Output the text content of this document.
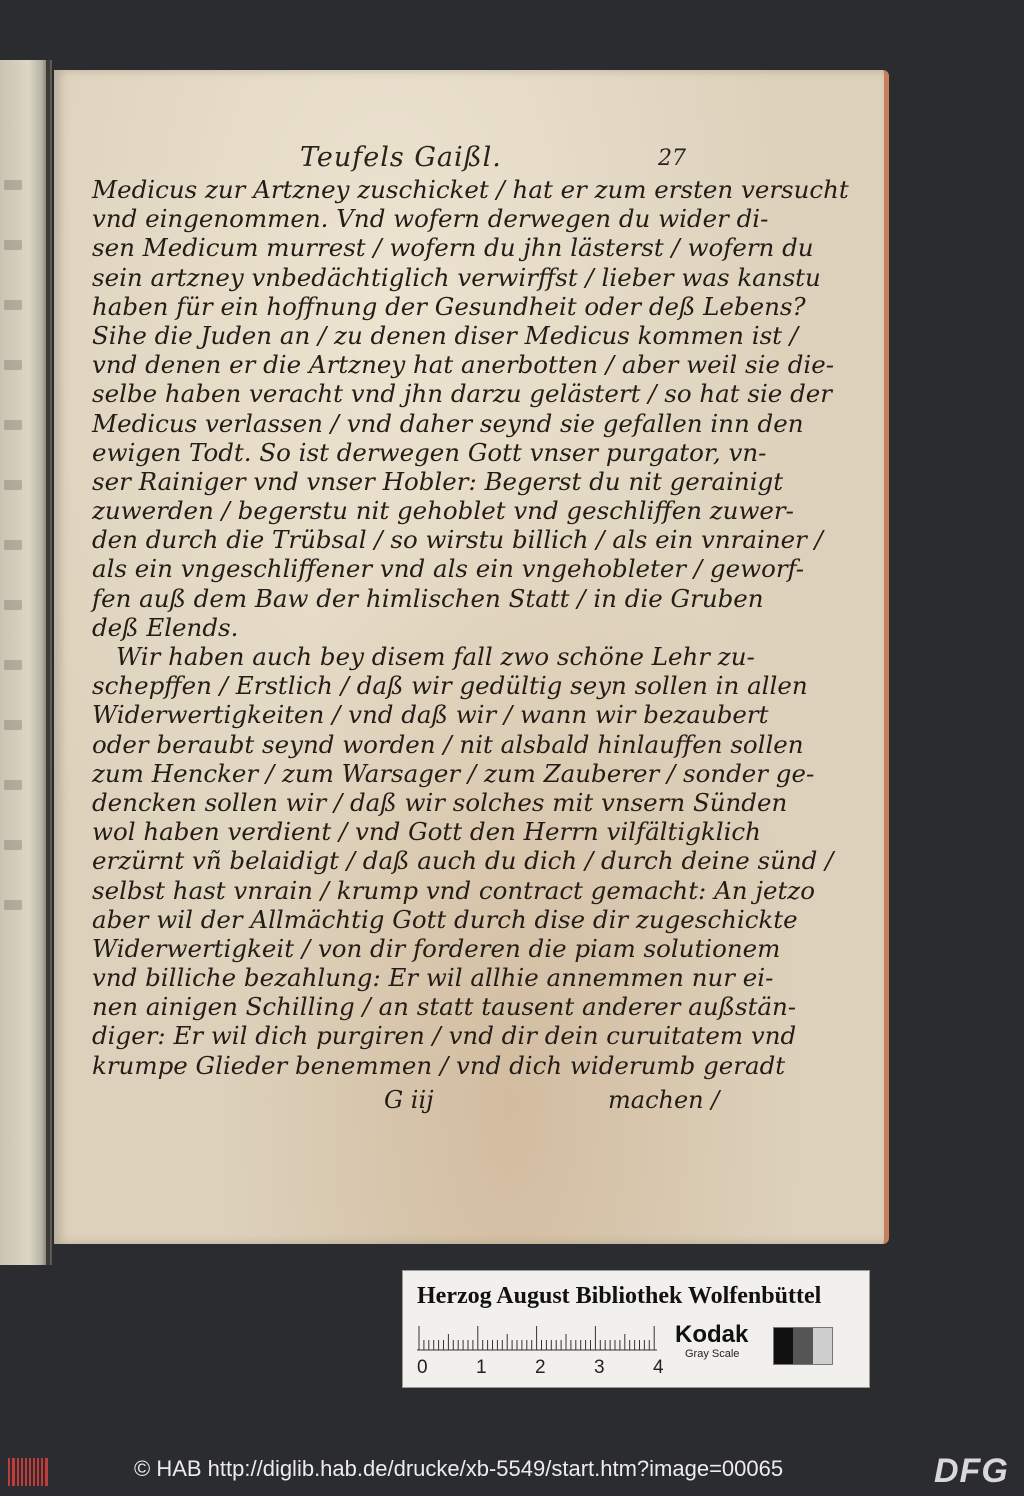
Teufels Gaißl.	27
Medicus zur Artzney zuschicket / hat er zum ersten versucht
vnd eingenommen. Vnd wofern derwegen du wider di-
sen Medicum murrest / wofern du jhn lästerst / wofern du
sein artzney vnbedächtiglich verwirffst / lieber was kanstu
haben für ein hoffnung der Gesundheit oder deß Lebens?
Sihe die Juden an / zu denen diser Medicus kommen ist /
vnd denen er die Artzney hat anerbotten / aber weil sie die-
selbe haben veracht vnd jhn darzu gelästert / so hat sie der
Medicus verlassen / vnd daher seynd sie gefallen inn den
ewigen Todt. So ist derwegen Gott vnser purgator, vn-
ser Rainiger vnd vnser Hobler: Begerst du nit gerainigt
zuwerden / begerstu nit gehoblet vnd geschliffen zuwer-
den durch die Trübsal / so wirstu billich / als ein vnrainer /
als ein vngeschliffener vnd als ein vngehobleter / geworf-
fen auß dem Baw der himlischen Statt / in die Gruben
deß Elends.
Wir haben auch bey disem fall zwo schöne Lehr zu-
schepffen / Erstlich / daß wir gedültig seyn sollen in allen
Widerwertigkeiten / vnd daß wir / wann wir bezaubert
oder beraubt seynd worden / nit alsbald hinlauffen sollen
zum Hencker / zum Warsager / zum Zauberer / sonder ge-
dencken sollen wir / daß wir solches mit vnsern Sünden
wol haben verdient / vnd Gott den Herrn vilfältigklich
erzürnt vñ belaidigt / daß auch du dich / durch deine sünd /
selbst hast vnrain / krump vnd contract gemacht: An jetzo
aber wil der Allmächtig Gott durch dise dir zugeschickte
Widerwertigkeit / von dir forderen die piam solutionem
vnd billiche bezahlung: Er wil allhie annemmen nur ei-
nen ainigen Schilling / an statt tausent anderer außstän-
diger: Er wil dich purgiren / vnd dir dein curuitatem vnd
krumpe Glieder benemmen / vnd dich widerumb geradt
G iij	machen /
Herzog August Bibliothek Wolfenbüttel
0	1	2	3	4
Kodak
Gray Scale
© HAB http://diglib.hab.de/drucke/xb-5549/start.htm?image=00065	DFG
